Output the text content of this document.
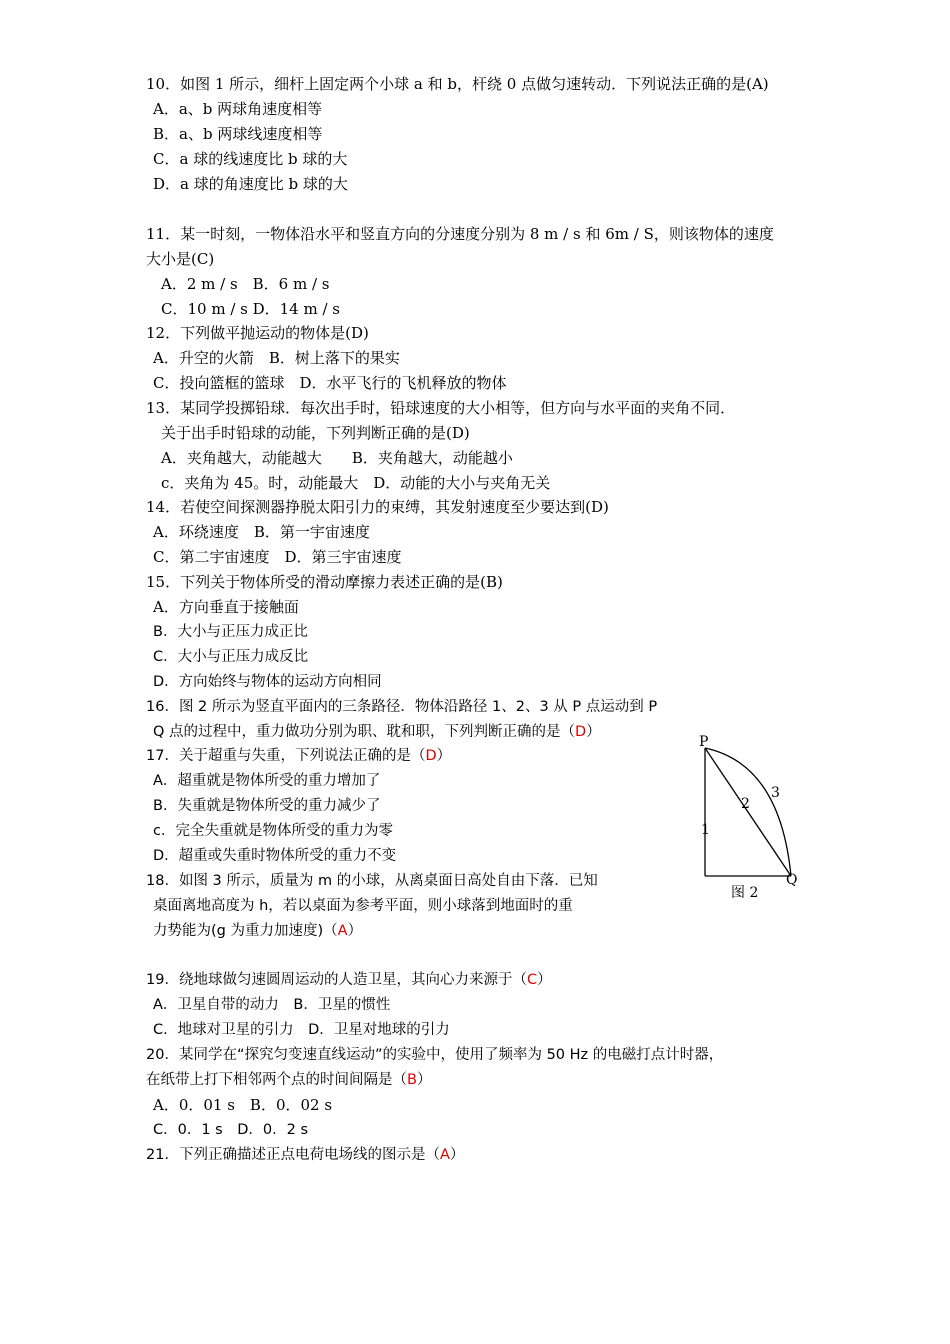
10．如图 1 所示，细杆上固定两个小球 a 和 b，杆绕 0 点做匀速转动．下列说法正确的是(A)
A．a、b 两球角速度相等
B．a、b 两球线速度相等
C．a 球的线速度比 b 球的大
D．a 球的角速度比 b 球的大
11．某一时刻，一物体沿水平和竖直方向的分速度分别为 8 m / s 和 6m / S，则该物体的速度
大小是(C)
A．2 m / s　B．6 m / s
C．10 m / s D．14 m / s
12．下列做平抛运动的物体是(D)
A．升空的火箭　B．树上落下的果实
C．投向篮框的篮球　D．水平飞行的飞机释放的物体
13．某同学投掷铅球．每次出手时，铅球速度的大小相等，但方向与水平面的夹角不同．
关于出手时铅球的动能，下列判断正确的是(D)
A．夹角越大，动能越大　　B．夹角越大，动能越小
c．夹角为 45。时，动能最大　D．动能的大小与夹角无关
14．若使空间探测器挣脱太阳引力的束缚，其发射速度至少要达到(D)
A．环绕速度　B．第一宇宙速度
C．第二宇宙速度　D．第三宇宙速度
15．下列关于物体所受的滑动摩擦力表述正确的是(B)
A．方向垂直于接触面
B．大小与正压力成正比
C．大小与正压力成反比
D．方向始终与物体的运动方向相同
16．图 2 所示为竖直平面内的三条路径．物体沿路径 1、2、3 从 P 点运动到 P
Q 点的过程中，重力做功分别为职、耽和职，下列判断正确的是（D）
17．关于超重与失重，下列说法正确的是（D）
A．超重就是物体所受的重力增加了
B．失重就是物体所受的重力减少了
c．完全失重就是物体所受的重力为零
D．超重或失重时物体所受的重力不变
18．如图 3 所示，质量为 m 的小球，从离桌面日高处自由下落．已知
桌面离地高度为 h，若以桌面为参考平面，则小球落到地面时的重
力势能为(g 为重力加速度)（A）
19．绕地球做匀速圆周运动的人造卫星，其向心力来源于（C）
A．卫星自带的动力　B．卫星的惯性
C．地球对卫星的引力　D．卫星对地球的引力
20．某同学在“探究匀变速直线运动”的实验中，使用了频率为 50 Hz 的电磁打点计时器，
在纸带上打下相邻两个点的时间间隔是（B）
A．0．01 s　B．0．02 s
C．0．1 s　D．0．2 s
21．下列正确描述正点电荷电场线的图示是（A）
P
Q
1
2
3
图 2
